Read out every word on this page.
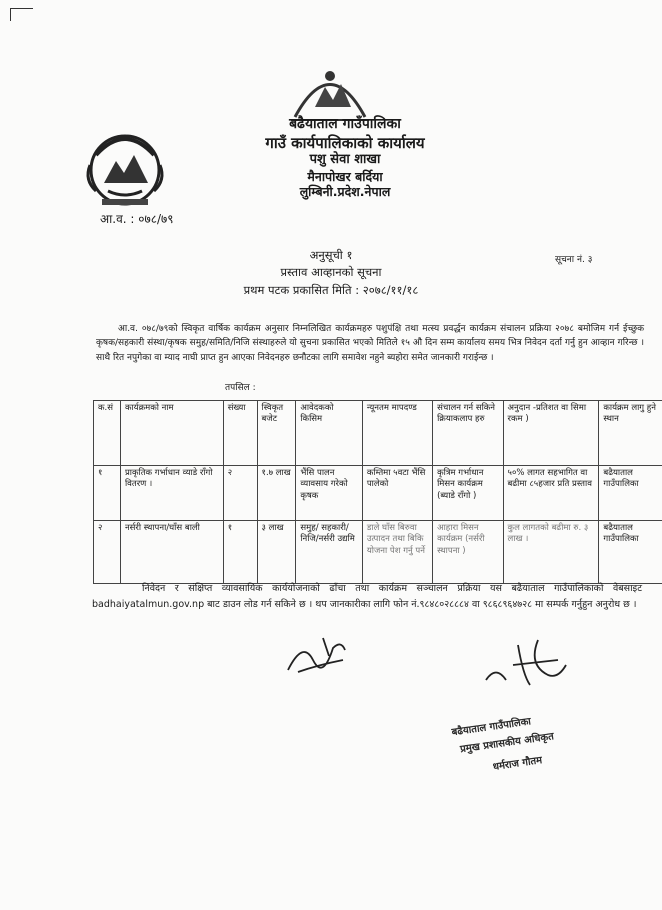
बढैयाताल गाउँपालिका
गाउँ कार्यपालिकाको कार्यालय
पशु सेवा शाखा
मैनापोखर बर्दिया
लुम्बिनी.प्रदेश.नेपाल
आ.व. : ०७८/७९
सूचना नं. ३
अनुसूची १
प्रस्ताव आव्हानको सूचना
प्रथम पटक प्रकासित मिति : २०७८/११/१८
आ.व. ०७८/७९को स्विकृत वार्षिक कार्यक्रम अनुसार निम्नलिखित कार्यक्रमहरु पशुपंक्षि तथा मत्स्य प्रवर्द्धन कार्यक्रम संचालन प्रक्रिया २०७८ बमोजिम गर्न ईच्छुक कृषक/सहकारी संस्था/कृषक समुह/समिति/निजि संस्थाहरुले यो सुचना प्रकासित भएको मितिले १५ औ दिन सम्म कार्यालय समय भित्र निवेदन दर्ता गर्नु हुन आव्हान गरिन्छ । साथै रित नपुगेका वा म्याद नाघी प्राप्त हुन आएका निवेदनहरु छनौटका लागि समावेश नहुने ब्यहोरा समेत जानकारी गराईन्छ ।
तपसिल :
क.सं	कार्यक्रमको नाम	संख्या	स्विकृत बजेट	आवेदकको किसिम	न्यूनतम मापदण्ड	संचालन गर्न सकिने क्रियाकलाप हरु	अनुदान -प्रतिशत वा सिमा रकम )	कार्यक्रम लागु हुने स्थान
१	प्राकृतिक गर्भाधान व्याडे राँगो वितरण ।	२	१.७ लाख	भैंसि पालन व्यावसाय गरेको कृषक	कम्तिमा ५वटा भैंसि पालेको	कृत्रिम गर्भाधान मिसन कार्यक्रम (ब्याडे राँगो )	५०% लागत सहभागित वा बढीमा ८५हजार प्रति प्रस्ताव	बढैयाताल गाउँपालिका
२	नर्सरी स्थापना/घाँस बाली	१	३ लाख	समुह/ सहकारी/ निजि/नर्सरी उद्यमि	डाले घाँस बिरुवा उत्पादन तथा बिकि योजना पेश गर्नु पर्ने	आहारा मिसन कार्यक्रम (नर्सरी स्थापना )	कुल लागतको बढीमा रु. ३ लाख ।	बढैयाताल गाउँपालिका
निवेदन र संक्षिप्त व्यावसायिक कार्ययोजनाको ढाँचा तथा कार्यक्रम सञ्चालन प्रक्रिया यस बढैयाताल गाउँपालिकाको वेबसाइट badhaiyatalmun.gov.np बाट डाउन लोड गर्न सकिने छ । थप जानकारीका लागि फोन नं.९८४८०२८८८४ वा ९८६८९६४७२८ मा सम्पर्क गर्नुहुन अनुरोध छ ।
बढैयाताल गाउँपालिका
प्रमुख प्रशासकीय अधिकृत
धर्मराज गौतम
